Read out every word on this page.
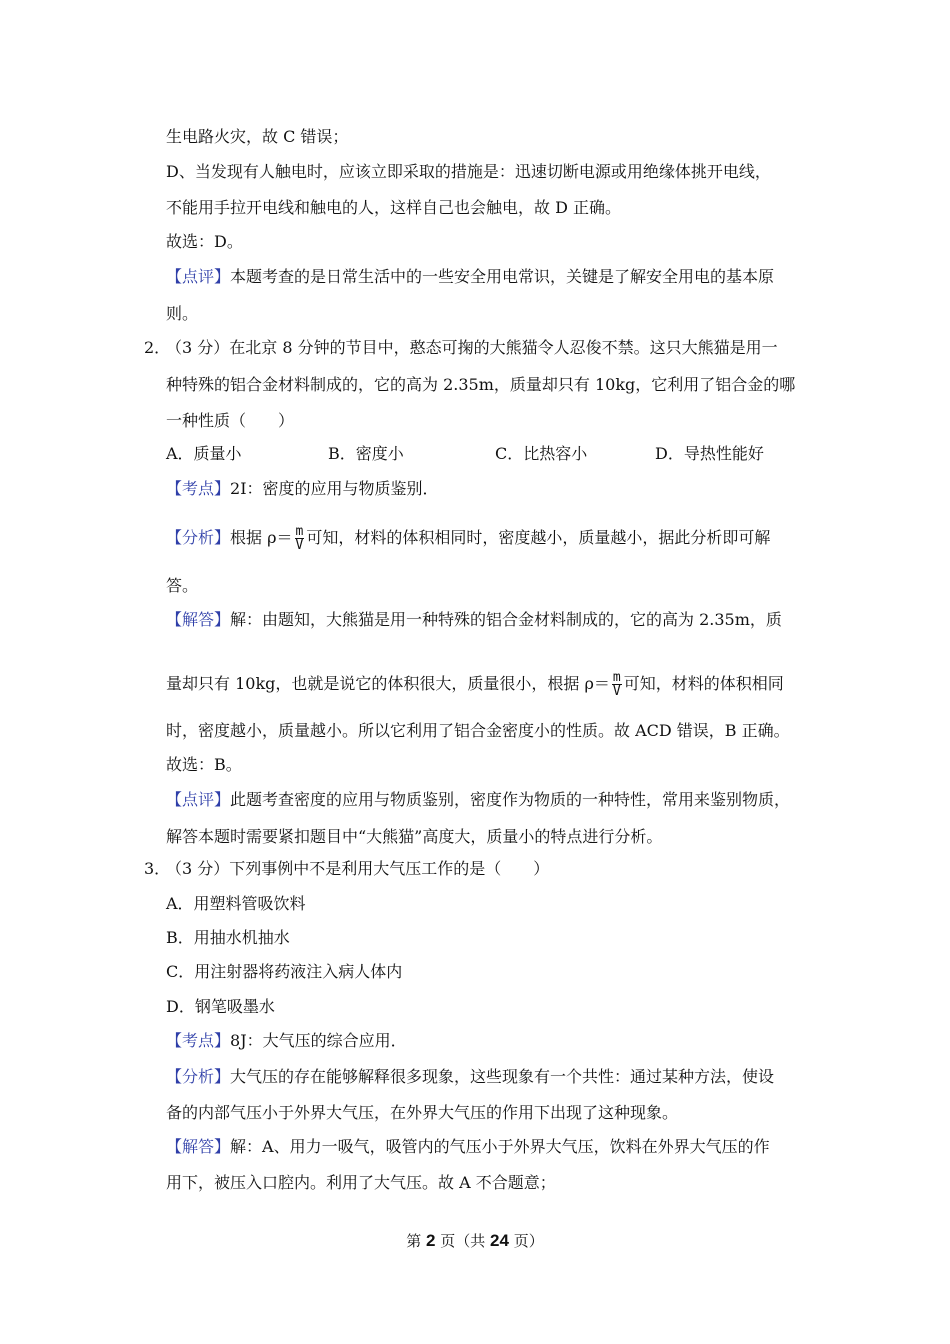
生电路火灾，故 C 错误；
D、当发现有人触电时，应该立即采取的措施是：迅速切断电源或用绝缘体挑开电线，
不能用手拉开电线和触电的人，这样自己也会触电，故 D 正确。
故选：D。
【点评】本题考查的是日常生活中的一些安全用电常识，关键是了解安全用电的基本原
则。
2．
（3 分）在北京 8 分钟的节目中，憨态可掬的大熊猫令人忍俊不禁。这只大熊猫是用一
种特殊的铝合金材料制成的，它的高为 2.35m，质量却只有 10kg，它利用了铝合金的哪
一种性质（　　）
A．质量小	B．密度小	C．比热容小	D．导热性能好
【考点】2I：密度的应用与物质鉴别．
【分析】根据 $\rho= \frac{m}{V}$ 可知，材料的体积相同时，密度越小，质量越小，据此分析即可解
答。
【解答】解：由题知，大熊猫是用一种特殊的铝合金材料制成的，它的高为 2.35m，质
量却只有 10kg，也就是说它的体积很大，质量很小，根据 $\rho= \frac{m}{V}$ 可知，材料的体积相同
时，密度越小，质量越小。所以它利用了铝合金密度小的性质。故 ACD 错误，B 正确。
故选：B。
【点评】此题考查密度的应用与物质鉴别，密度作为物质的一种特性，常用来鉴别物质，
解答本题时需要紧扣题目中“大熊猫”高度大，质量小的特点进行分析。
3．
（3 分）下列事例中不是利用大气压工作的是（　　）
A．用塑料管吸饮料
B．用抽水机抽水
C．用注射器将药液注入病人体内
D．钢笔吸墨水
【考点】8J：大气压的综合应用．
【分析】大气压的存在能够解释很多现象，这些现象有一个共性：通过某种方法，使设
备的内部气压小于外界大气压，在外界大气压的作用下出现了这种现象。
【解答】解：A、用力一吸气，吸管内的气压小于外界大气压，饮料在外界大气压的作
用下，被压入口腔内。利用了大气压。故 A 不合题意；
第 2 页（共 24 页）
